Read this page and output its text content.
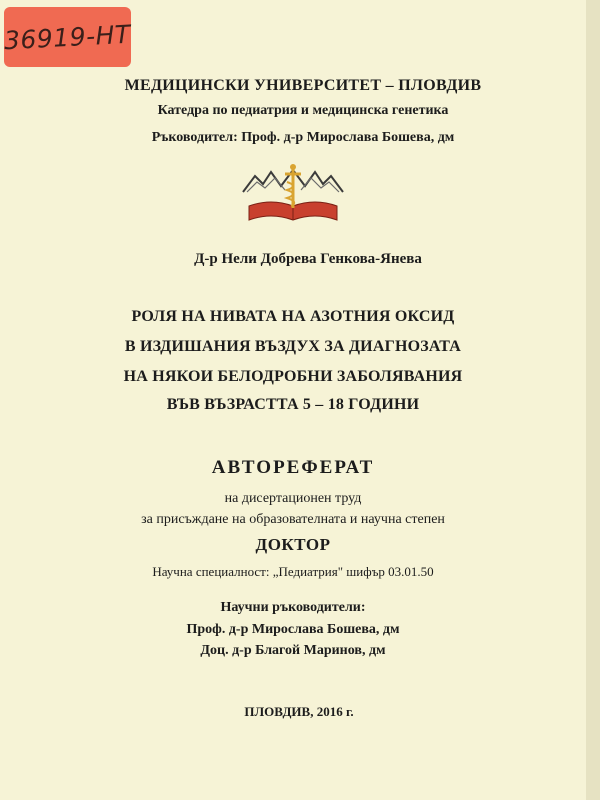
36919-НТ
МЕДИЦИНСКИ УНИВЕРСИТЕТ – ПЛОВДИВ
Катедра по педиатрия и медицинска генетика
Ръководител: Проф. д-р Мирослава Бошева, дм
Д-р Нели Добрева Генкова-Янева
РОЛЯ НА НИВАТА НА АЗОТНИЯ ОКСИД
В ИЗДИШАНИЯ ВЪЗДУХ ЗА ДИАГНОЗАТА
НА НЯКОИ БЕЛОДРОБНИ ЗАБОЛЯВАНИЯ
ВЪВ ВЪЗРАСТТА 5 – 18 ГОДИНИ
АВТОРЕФЕРАТ
на дисертационен труд
за присъждане на образователната и научна степен
ДОКТОР
Научна специалност: „Педиатрия" шифър 03.01.50
Научни ръководители:
Проф. д-р Мирослава Бошева, дм
Доц. д-р Благой Маринов, дм
ПЛОВДИВ, 2016 г.
